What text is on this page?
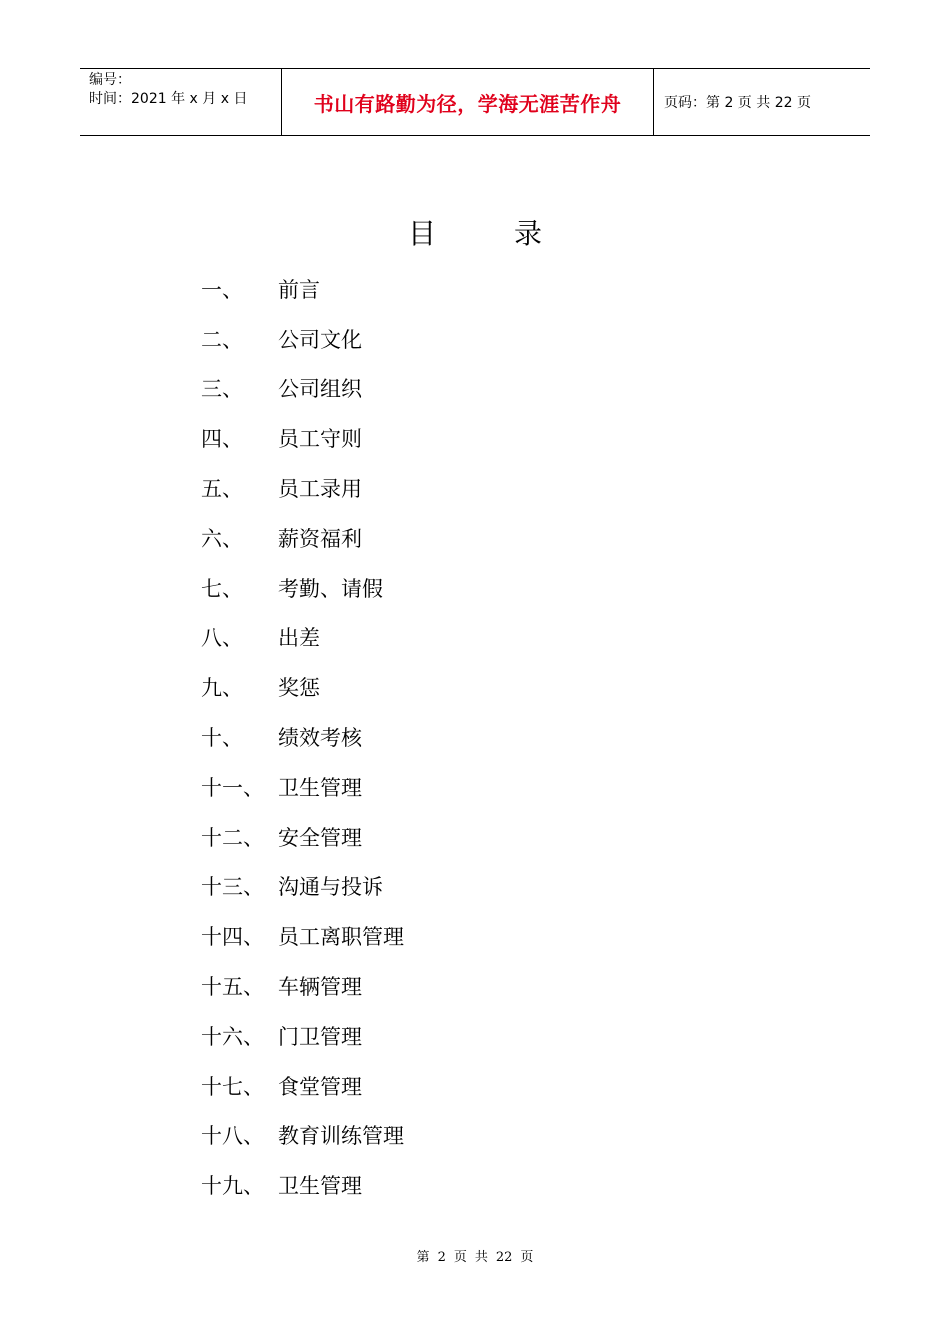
编号：
时间：2021 年 x 月 x 日	书山有路勤为径，学海无涯苦作舟	页码：第 2 页 共 22 页
目	录
一、	前言
二、	公司文化
三、	公司组织
四、	员工守则
五、	员工录用
六、	薪资福利
七、	考勤、请假
八、	出差
九、	奖惩
十、	绩效考核
十一、 卫生管理
十二、 安全管理
十三、 沟通与投诉
十四、 员工离职管理
十五、 车辆管理
十六、 门卫管理
十七、 食堂管理
十八、 教育训练管理
十九、 卫生管理
第 2 页 共 22 页
